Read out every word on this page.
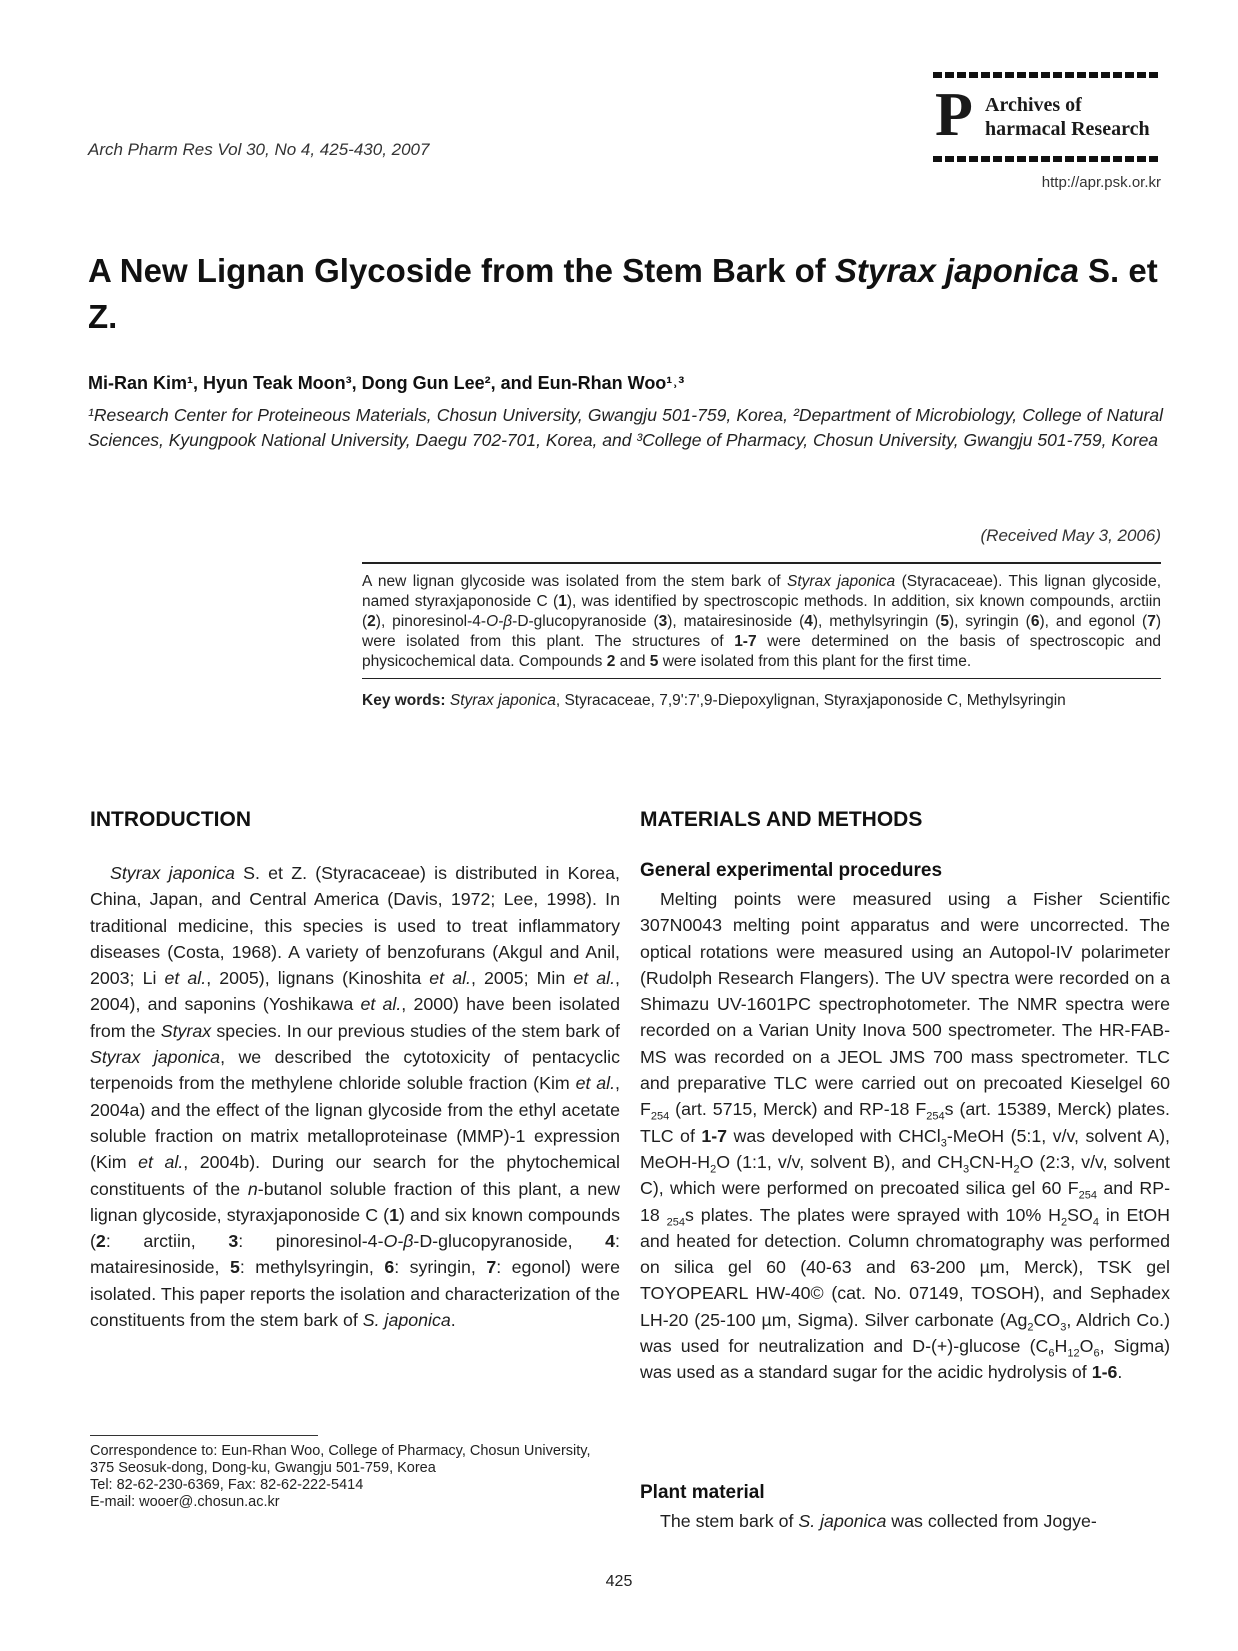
Arch Pharm Res Vol 30, No 4, 425-430, 2007
P Archives of
harmacal Research
http://apr.psk.or.kr
A New Lignan Glycoside from the Stem Bark of Styrax japonica S. et Z.
Mi-Ran Kim¹, Hyun Teak Moon³, Dong Gun Lee², and Eun-Rhan Woo¹˒³
¹Research Center for Proteineous Materials, Chosun University, Gwangju 501-759, Korea, ²Department of Microbiology, College of Natural Sciences, Kyungpook National University, Daegu 702-701, Korea, and ³College of Pharmacy, Chosun University, Gwangju 501-759, Korea
(Received May 3, 2006)
A new lignan glycoside was isolated from the stem bark of Styrax japonica (Styracaceae). This lignan glycoside, named styraxjaponoside C (1), was identified by spectroscopic methods. In addition, six known compounds, arctiin (2), pinoresinol-4-O-β-D-glucopyranoside (3), matairesinoside (4), methylsyringin (5), syringin (6), and egonol (7) were isolated from this plant. The structures of 1-7 were determined on the basis of spectroscopic and physicochemical data. Compounds 2 and 5 were isolated from this plant for the first time.
Key words: Styrax japonica, Styracaceae, 7,9':7',9-Diepoxylignan, Styraxjaponoside C, Methylsyringin
INTRODUCTION

Styrax japonica S. et Z. (Styracaceae) is distributed in Korea, China, Japan, and Central America (Davis, 1972; Lee, 1998). In traditional medicine, this species is used to treat inflammatory diseases (Costa, 1968). A variety of benzofurans (Akgul and Anil, 2003; Li et al., 2005), lignans (Kinoshita et al., 2005; Min et al., 2004), and saponins (Yoshikawa et al., 2000) have been isolated from the Styrax species. In our previous studies of the stem bark of Styrax japonica, we described the cytotoxicity of pentacyclic terpenoids from the methylene chloride soluble fraction (Kim et al., 2004a) and the effect of the lignan glycoside from the ethyl acetate soluble fraction on matrix metalloproteinase (MMP)-1 expression (Kim et al., 2004b). During our search for the phytochemical constituents of the n-butanol soluble fraction of this plant, a new lignan glycoside, styraxjaponoside C (1) and six known compounds (2: arctiin, 3: pinoresinol-4-O-β-D-glucopyranoside, 4: matairesinoside, 5: methylsyringin, 6: syringin, 7: egonol) were isolated. This paper reports the isolation and characterization of the constituents from the stem bark of S. japonica.

Correspondence to: Eun-Rhan Woo, College of Pharmacy, Chosun University, 375 Seosuk-dong, Dong-ku, Gwangju 501-759, Korea
Tel: 82-62-230-6369, Fax: 82-62-222-5414
E-mail: wooer@.chosun.ac.kr
MATERIALS AND METHODS
General experimental procedures

Melting points were measured using a Fisher Scientific 307N0043 melting point apparatus and were uncorrected. The optical rotations were measured using an Autopol-IV polarimeter (Rudolph Research Flangers). The UV spectra were recorded on a Shimazu UV-1601PC spectrophotometer. The NMR spectra were recorded on a Varian Unity Inova 500 spectrometer. The HR-FAB-MS was recorded on a JEOL JMS 700 mass spectrometer. TLC and preparative TLC were carried out on precoated Kieselgel 60 $F_{254}$ (art. 5715, Merck) and RP-18 $F_{254}s$ (art. 15389, Merck) plates. TLC of 1-7 was developed with CHCl$_3$-MeOH (5:1, v/v, solvent A), MeOH-$H_2O$ (1:1, v/v, solvent B), and $CH_3CN-H_2O$ (2:3, v/v, solvent C), which were performed on precoated silica gel 60 $F_{254}$ and RP-18 $_{254}$s plates. The plates were sprayed with 10% $H_2SO_4$ in EtOH and heated for detection. Column chromatography was performed on silica gel 60 (40-63 and 63-200 µm, Merck), TSK gel TOYOPEARL HW-40© (cat. No. 07149, TOSOH), and Sephadex LH-20 (25-100 µm, Sigma). Silver carbonate ($Ag_2CO_3$, Aldrich Co.) was used for neutralization and D-(+)-glucose ($C_6H_{12}O_6$, Sigma) was used as a standard sugar for the acidic hydrolysis of 1-6.

Plant material

The stem bark of S. japonica was collected from Jogye-

425
